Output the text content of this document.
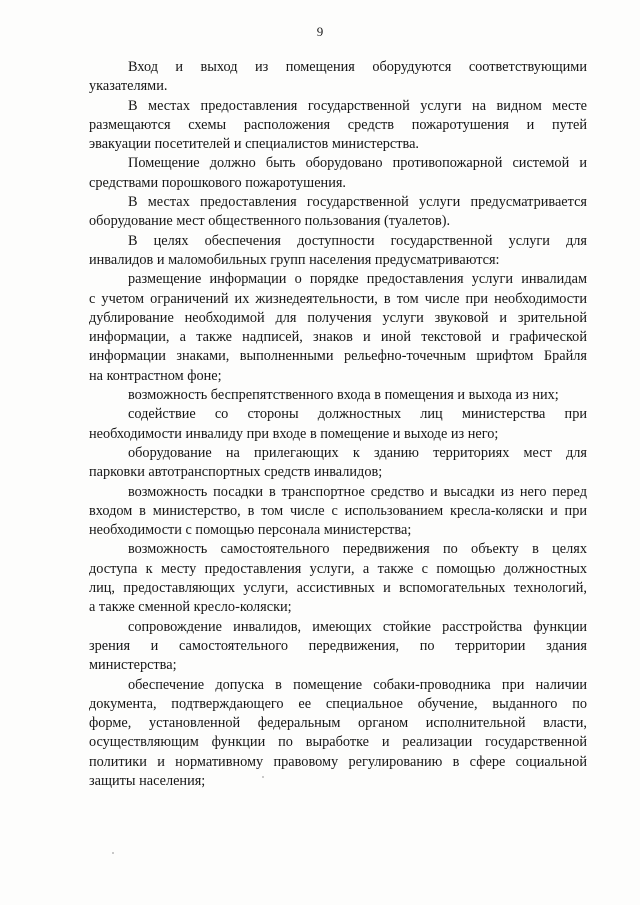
9
Вход и выход из помещения оборудуются соответствующими
указателями.
В местах предоставления государственной услуги на видном месте
размещаются схемы расположения средств пожаротушения и путей
эвакуации посетителей и специалистов министерства.
Помещение должно быть оборудовано противопожарной системой и
средствами порошкового пожаротушения.
В местах предоставления государственной услуги предусматривается
оборудование мест общественного пользования (туалетов).
В целях обеспечения доступности государственной услуги для
инвалидов и маломобильных групп населения предусматриваются:
размещение информации о порядке предоставления услуги инвалидам
с учетом ограничений их жизнедеятельности, в том числе при необходимости
дублирование необходимой для получения услуги звуковой и зрительной
информации, а также надписей, знаков и иной текстовой и графической
информации знаками, выполненными рельефно-точечным шрифтом Брайля
на контрастном фоне;
возможность беспрепятственного входа в помещения и выхода из них;
содействие со стороны должностных лиц министерства при
необходимости инвалиду при входе в помещение и выходе из него;
оборудование на прилегающих к зданию территориях мест для
парковки автотранспортных средств инвалидов;
возможность посадки в транспортное средство и высадки из него перед
входом в министерство, в том числе с использованием кресла-коляски и при
необходимости с помощью персонала министерства;
возможность самостоятельного передвижения по объекту в целях
доступа к месту предоставления услуги, а также с помощью должностных
лиц, предоставляющих услуги, ассистивных и вспомогательных технологий,
а также сменной кресло-коляски;
сопровождение инвалидов, имеющих стойкие расстройства функции
зрения и самостоятельного передвижения, по территории здания
министерства;
обеспечение допуска в помещение собаки-проводника при наличии
документа, подтверждающего ее специальное обучение, выданного по
форме, установленной федеральным органом исполнительной власти,
осуществляющим функции по выработке и реализации государственной
политики и нормативному правовому регулированию в сфере социальной
защиты населения;
